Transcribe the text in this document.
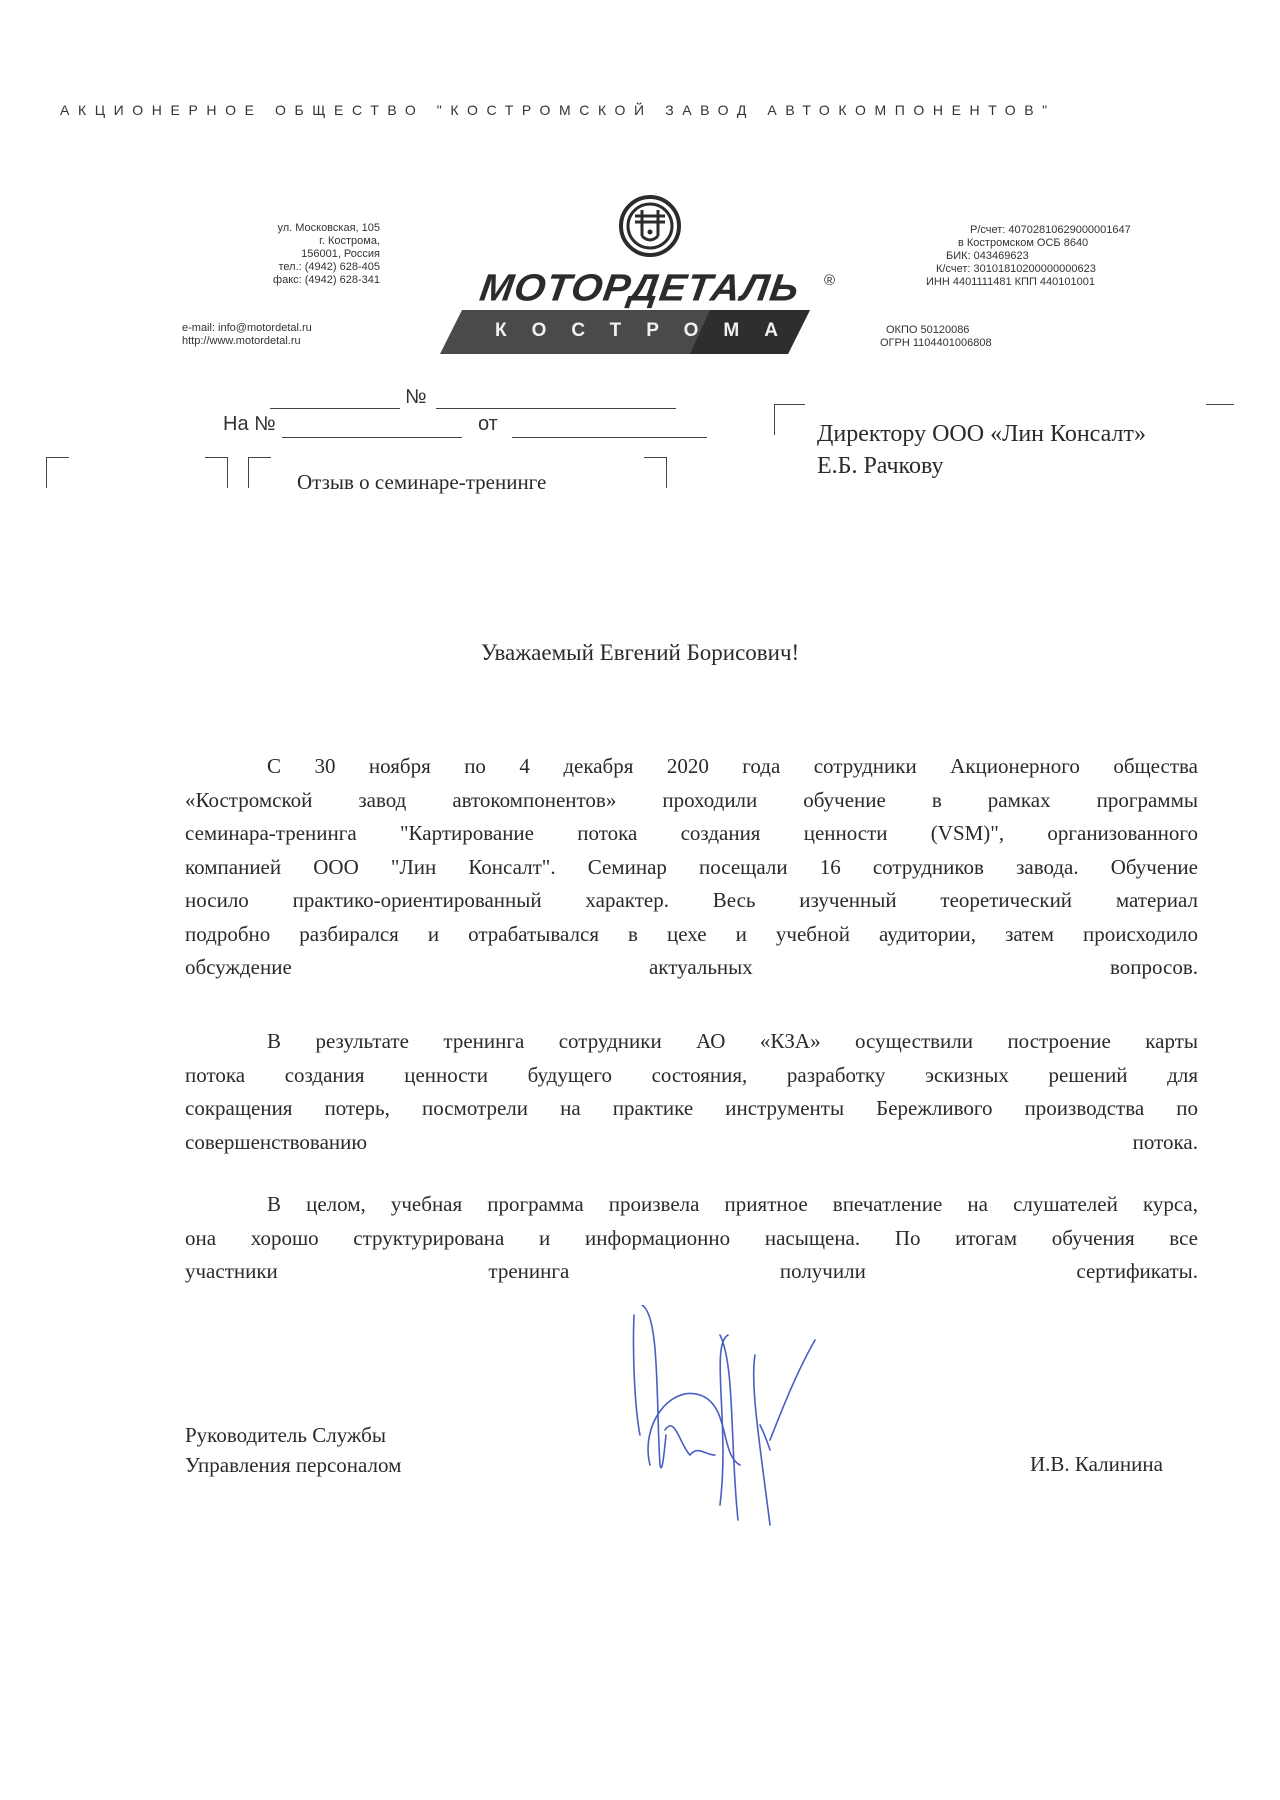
АКЦИОНЕРНОЕ ОБЩЕСТВО "КОСТРОМСКОЙ ЗАВОД АВТОКОМПОНЕНТОВ"
ул. Московская, 105
г. Кострома,
156001, Россия
тел.: (4942) 628-405
факс: (4942) 628-341
e-mail: info@motordetal.ru
http://www.motordetal.ru
Р/счет: 40702810629000001647
в Костромском ОСБ 8640
БИК: 043469623
К/счет: 30101810200000000623
ИНН 4401111481 КПП 440101001
ОКПО 50120086
ОГРН 1104401006808
МОТОРДЕТАЛЬ ®
КОСТРОМА
№
На №	от
Отзыв о семинаре-тренинге
Директору ООО «Лин Консалт»
Е.Б. Рачкову
Уважаемый Евгений Борисович!
С 30 ноября по 4 декабря 2020 года сотрудники Акционерного общества
«Костромской завод автокомпонентов» проходили обучение в рамках программы
семинара-тренинга "Картирование потока создания ценности (VSM)", организованного
компанией ООО "Лин Консалт". Семинар посещали 16 сотрудников завода. Обучение
носило практико-ориентированный характер. Весь изученный теоретический материал
подробно разбирался и отрабатывался в цехе и учебной аудитории, затем происходило
обсуждение актуальных вопросов.
В результате тренинга сотрудники АО «КЗА» осуществили построение карты
потока создания ценности будущего состояния, разработку эскизных решений для
сокращения потерь, посмотрели на практике инструменты Бережливого производства по
совершенствованию потока.
В целом, учебная программа произвела приятное впечатление на слушателей курса,
она хорошо структурирована и информационно насыщена. По итогам обучения все
участники тренинга получили сертификаты.
Руководитель Службы
Управления персоналом	И.В. Калинина
